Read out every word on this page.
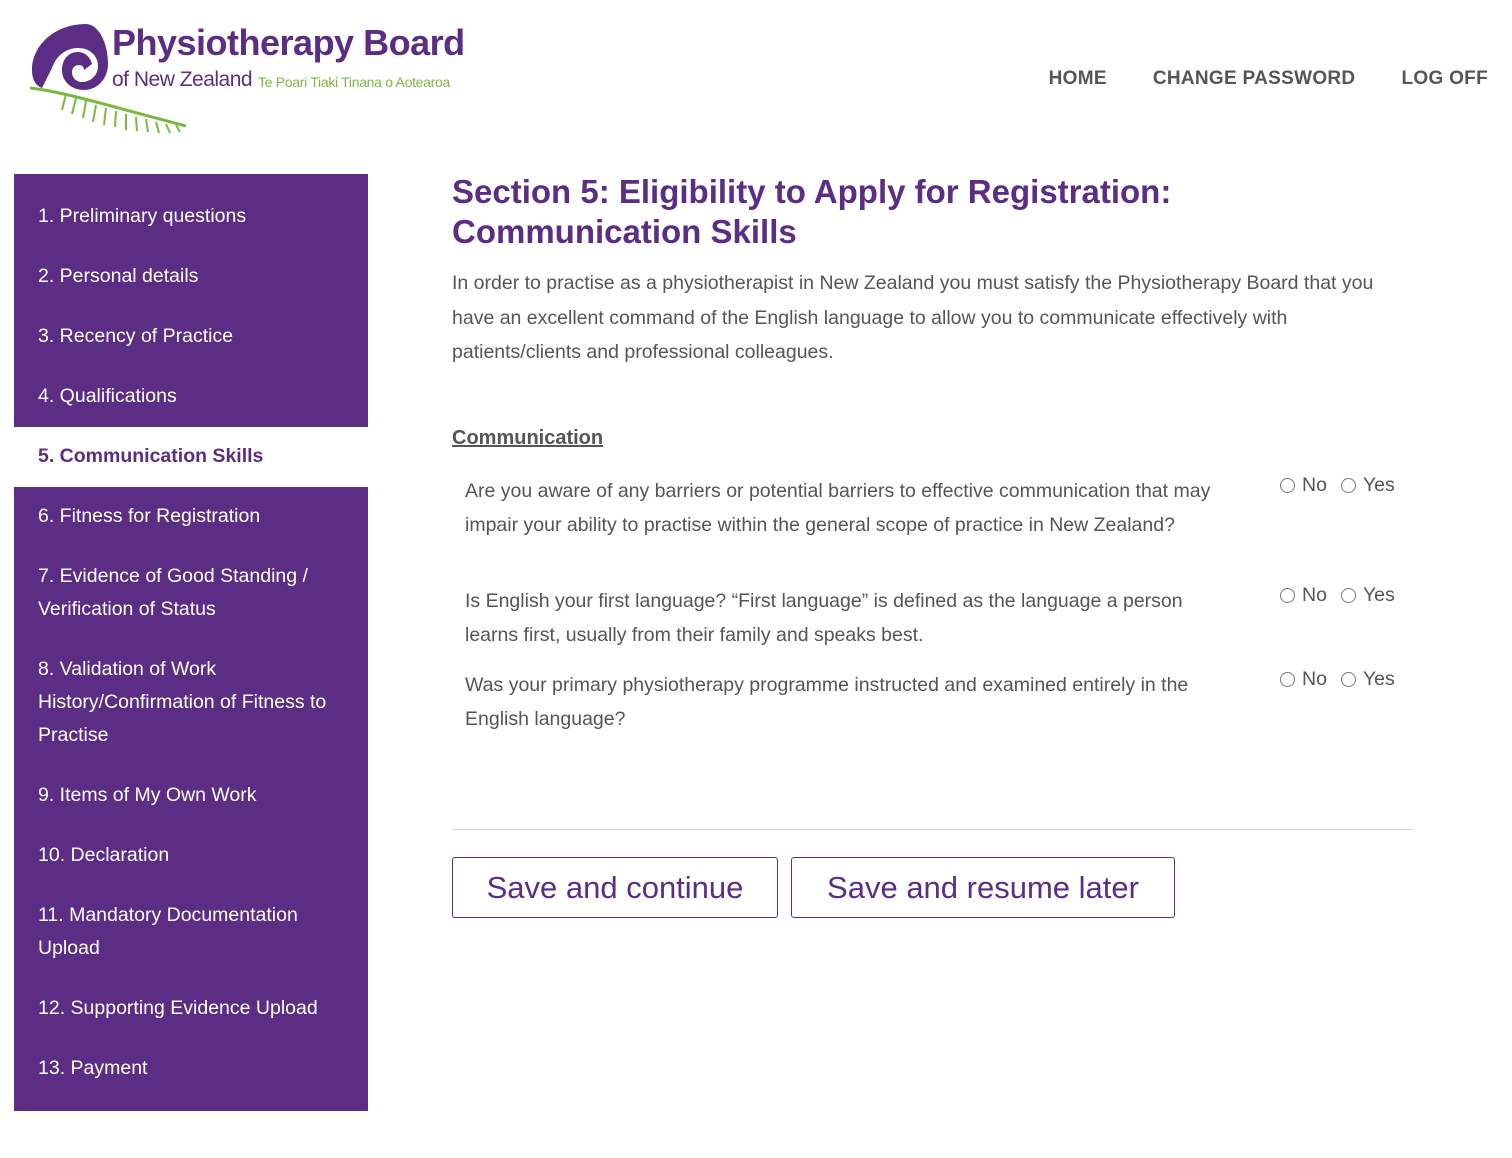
Physiotherapy Board
of New Zealand Te Poari Tiaki Tinana o Aotearoa	HOME CHANGE PASSWORD LOG OFF
1. Preliminary questions
2. Personal details
3. Recency of Practice
4. Qualifications
5. Communication Skills
6. Fitness for Registration
7. Evidence of Good Standing / Verification of Status
8. Validation of Work History/Confirmation of Fitness to Practise
9. Items of My Own Work
10. Declaration
11. Mandatory Documentation Upload
12. Supporting Evidence Upload
13. Payment
Section 5: Eligibility to Apply for Registration: Communication Skills

In order to practise as a physiotherapist in New Zealand you must satisfy the Physiotherapy Board that you have an excellent command of the English language to allow you to communicate effectively with patients/clients and professional colleagues.

Communication
Are you aware of any barriers or potential barriers to effective communication that may impair your ability to practise within the general scope of practice in New Zealand?
No Yes
Is English your first language? “First language” is defined as the language a person learns first, usually from their family and speaks best.
No Yes
Was your primary physiotherapy programme instructed and examined entirely in the English language?
No Yes
Save and continue	Save and resume later
